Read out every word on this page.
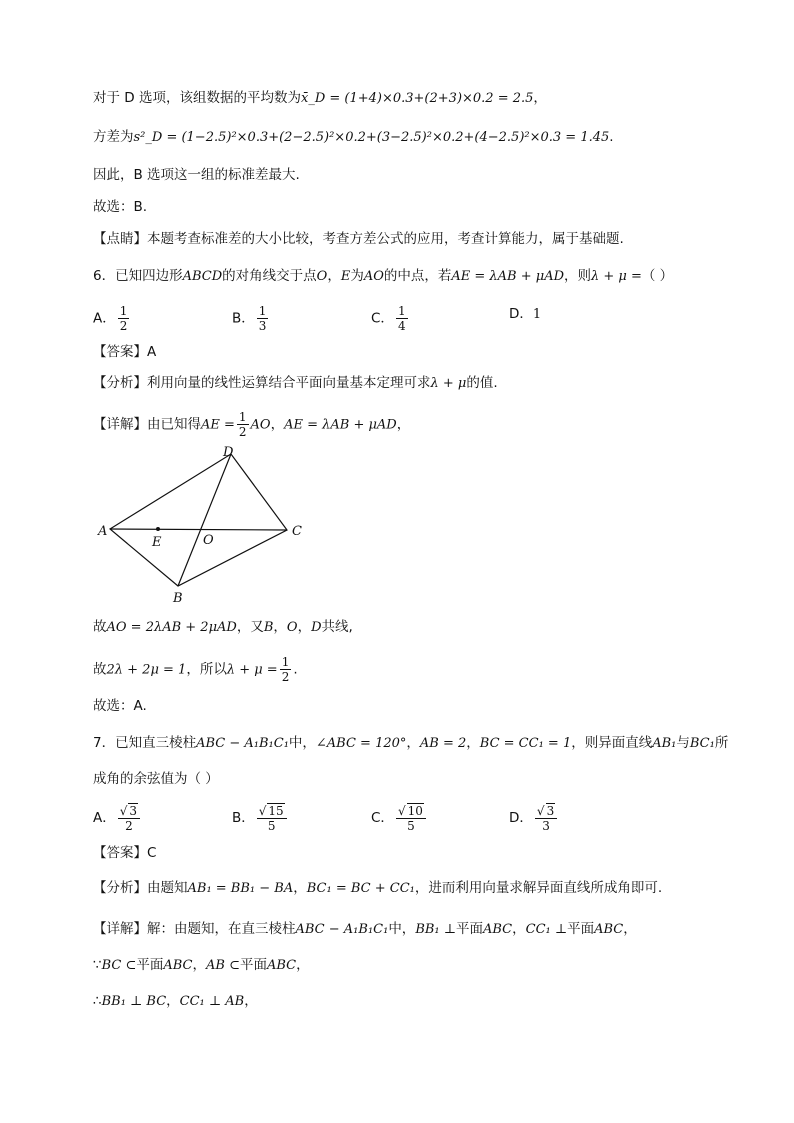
对于 D 选项，该组数据的平均数为x̄_D = (1+4)×0.3+(2+3)×0.2 = 2.5，
方差为s²_D = (1−2.5)²×0.3+(2−2.5)²×0.2+(3−2.5)²×0.2+(4−2.5)²×0.3 = 1.45.
因此，B 选项这一组的标准差最大.
故选：B.
【点睛】本题考查标准差的大小比较，考查方差公式的应用，考查计算能力，属于基础题.
6．已知四边形ABCD的对角线交于点O，E为AO的中点，若AE = λAB + μAD，则λ + μ =（ ）
A． $\frac{1}{2}$	B． $\frac{1}{3}$	C． $\frac{1}{4}$	D．1
【答案】A
【分析】利用向量的线性运算结合平面向量基本定理可求λ + μ的值.
【详解】由已知得AE = $\frac{1}{2}$ AO，AE = λAB + μAD，
A
D
C
B
E	O
故AO = 2λAB + 2μAD，又B，O，D共线,
故2λ + 2μ = 1，所以$\lambda + \mu = \frac{1}{2}$ .
故选：A.
7．已知直三棱柱ABC − A₁B₁C₁中，∠ABC = 120°，AB = 2，BC = CC₁ = 1，则异面直线AB₁与BC₁所
成角的余弦值为（ ）
A． $\frac{√ 3}{2}$	B． $\frac{√ 15}{5}$	C． $\frac{√ 10}{5}$	D． $\frac{√ 3}{3}$
【答案】C
【分析】由题知AB₁ = BB₁ − BA，BC₁ = BC + CC₁，进而利用向量求解异面直线所成角即可.
【详解】解：由题知，在直三棱柱ABC − A₁B₁C₁中，BB₁ ⊥平面ABC，CC₁ ⊥平面ABC，
∵BC ⊂平面ABC，AB ⊂平面ABC，
∴BB₁ ⊥ BC，CC₁ ⊥ AB，
